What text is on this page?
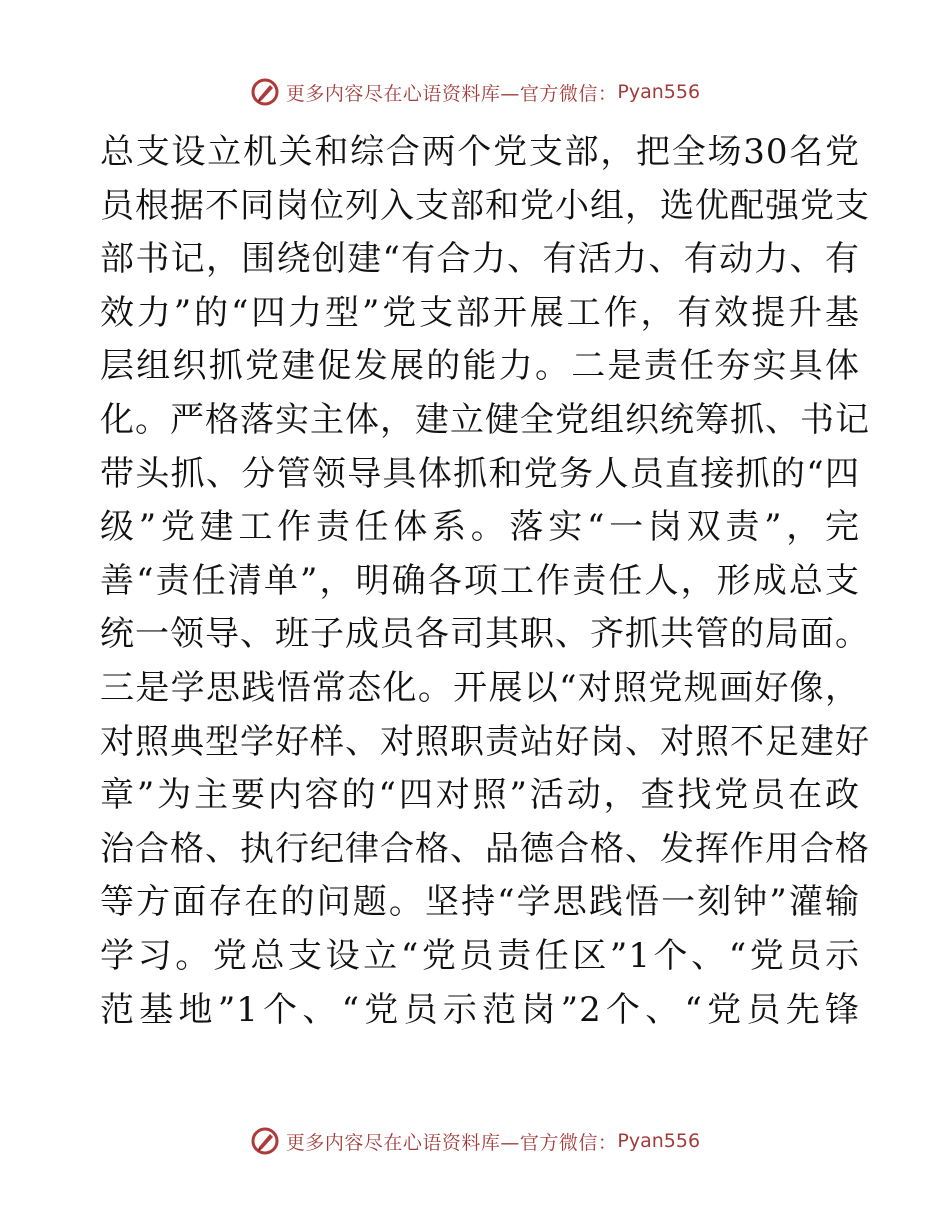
更多内容尽在心语资料库—官方微信： Pyan556
总支设立机关和综合两个党支部，把全场30名党
员根据不同岗位列入支部和党小组，选优配强党支
部书记，围绕创建“有合力、有活力、有动力、有
效力”的“四力型”党支部开展工作，有效提升基
层组织抓党建促发展的能力。二是责任夯实具体
化。严格落实主体，建立健全党组织统筹抓、书记
带头抓、分管领导具体抓和党务人员直接抓的“四
级”党建工作责任体系。落实“一岗双责”，完
善“责任清单”，明确各项工作责任人，形成总支
统一领导、班子成员各司其职、齐抓共管的局面。
三是学思践悟常态化。开展以“对照党规画好像，
对照典型学好样、对照职责站好岗、对照不足建好
章”为主要内容的“四对照”活动，查找党员在政
治合格、执行纪律合格、品德合格、发挥作用合格
等方面存在的问题。坚持“学思践悟一刻钟”灌输
学习。党总支设立“党员责任区”1个、“党员示
范基地”1个、“党员示范岗”2个、“党员先锋
更多内容尽在心语资料库—官方微信： Pyan556
